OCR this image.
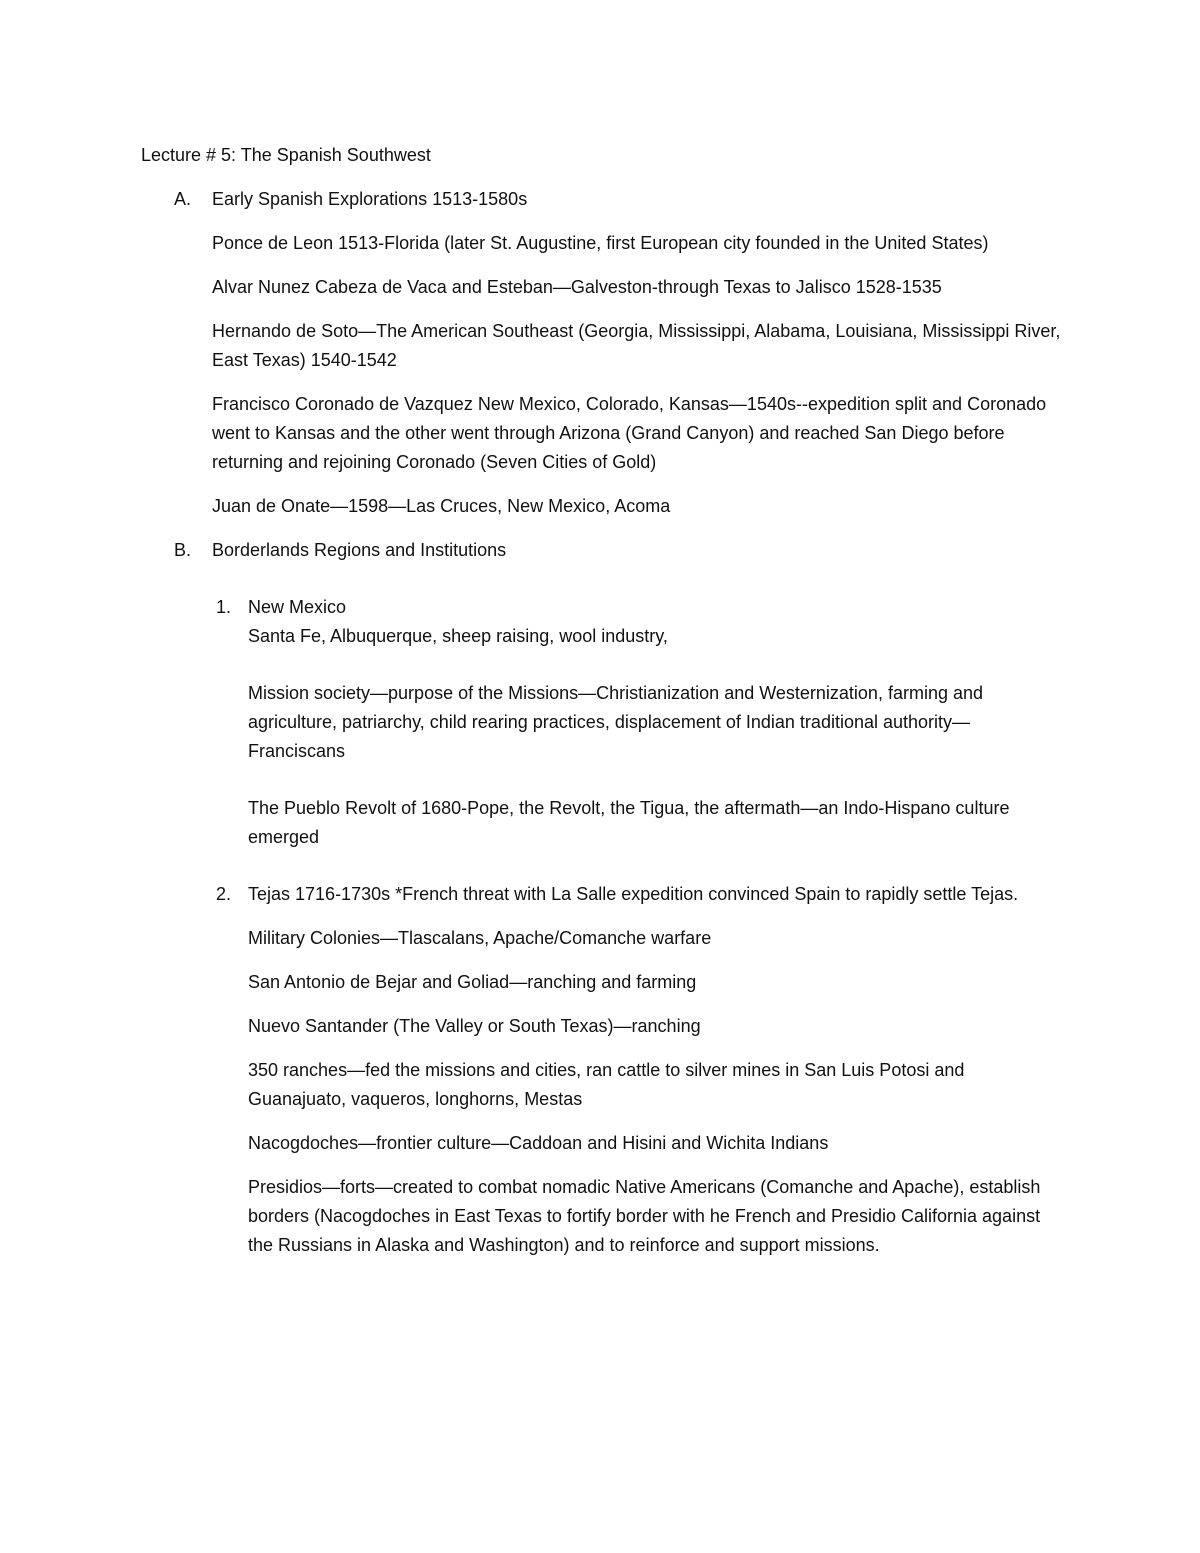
Lecture # 5: The Spanish Southwest
A.	Early Spanish Explorations 1513-1580s

Ponce de Leon 1513-Florida (later St. Augustine, first European city founded in the United States)

Alvar Nunez Cabeza de Vaca and Esteban—Galveston-through Texas to Jalisco 1528-1535

Hernando de Soto—The American Southeast (Georgia, Mississippi, Alabama, Louisiana, Mississippi River, East Texas) 1540-1542

Francisco Coronado de Vazquez New Mexico, Colorado, Kansas—1540s--expedition split and Coronado went to Kansas and the other went through Arizona (Grand Canyon) and reached San Diego before returning and rejoining Coronado (Seven Cities of Gold)

Juan de Onate—1598—Las Cruces, New Mexico, Acoma

B.	Borderlands Regions and Institutions
1. New Mexico

Santa Fe, Albuquerque, sheep raising, wool industry,

Mission society—purpose of the Missions—Christianization and Westernization, farming and agriculture, patriarchy, child rearing practices, displacement of Indian traditional authority—Franciscans

The Pueblo Revolt of 1680-Pope, the Revolt, the Tigua, the aftermath—an Indo-Hispano culture emerged

2. Tejas 1716-1730s *French threat with La Salle expedition convinced Spain to rapidly settle Tejas.

Military Colonies—Tlascalans, Apache/Comanche warfare

San Antonio de Bejar and Goliad—ranching and farming

Nuevo Santander (The Valley or South Texas)—ranching

350 ranches—fed the missions and cities, ran cattle to silver mines in San Luis Potosi and Guanajuato, vaqueros, longhorns, Mestas

Nacogdoches—frontier culture—Caddoan and Hisini and Wichita Indians

Presidios—forts—created to combat nomadic Native Americans (Comanche and Apache), establish borders (Nacogdoches in East Texas to fortify border with he French and Presidio California against the Russians in Alaska and Washington) and to reinforce and support missions.
